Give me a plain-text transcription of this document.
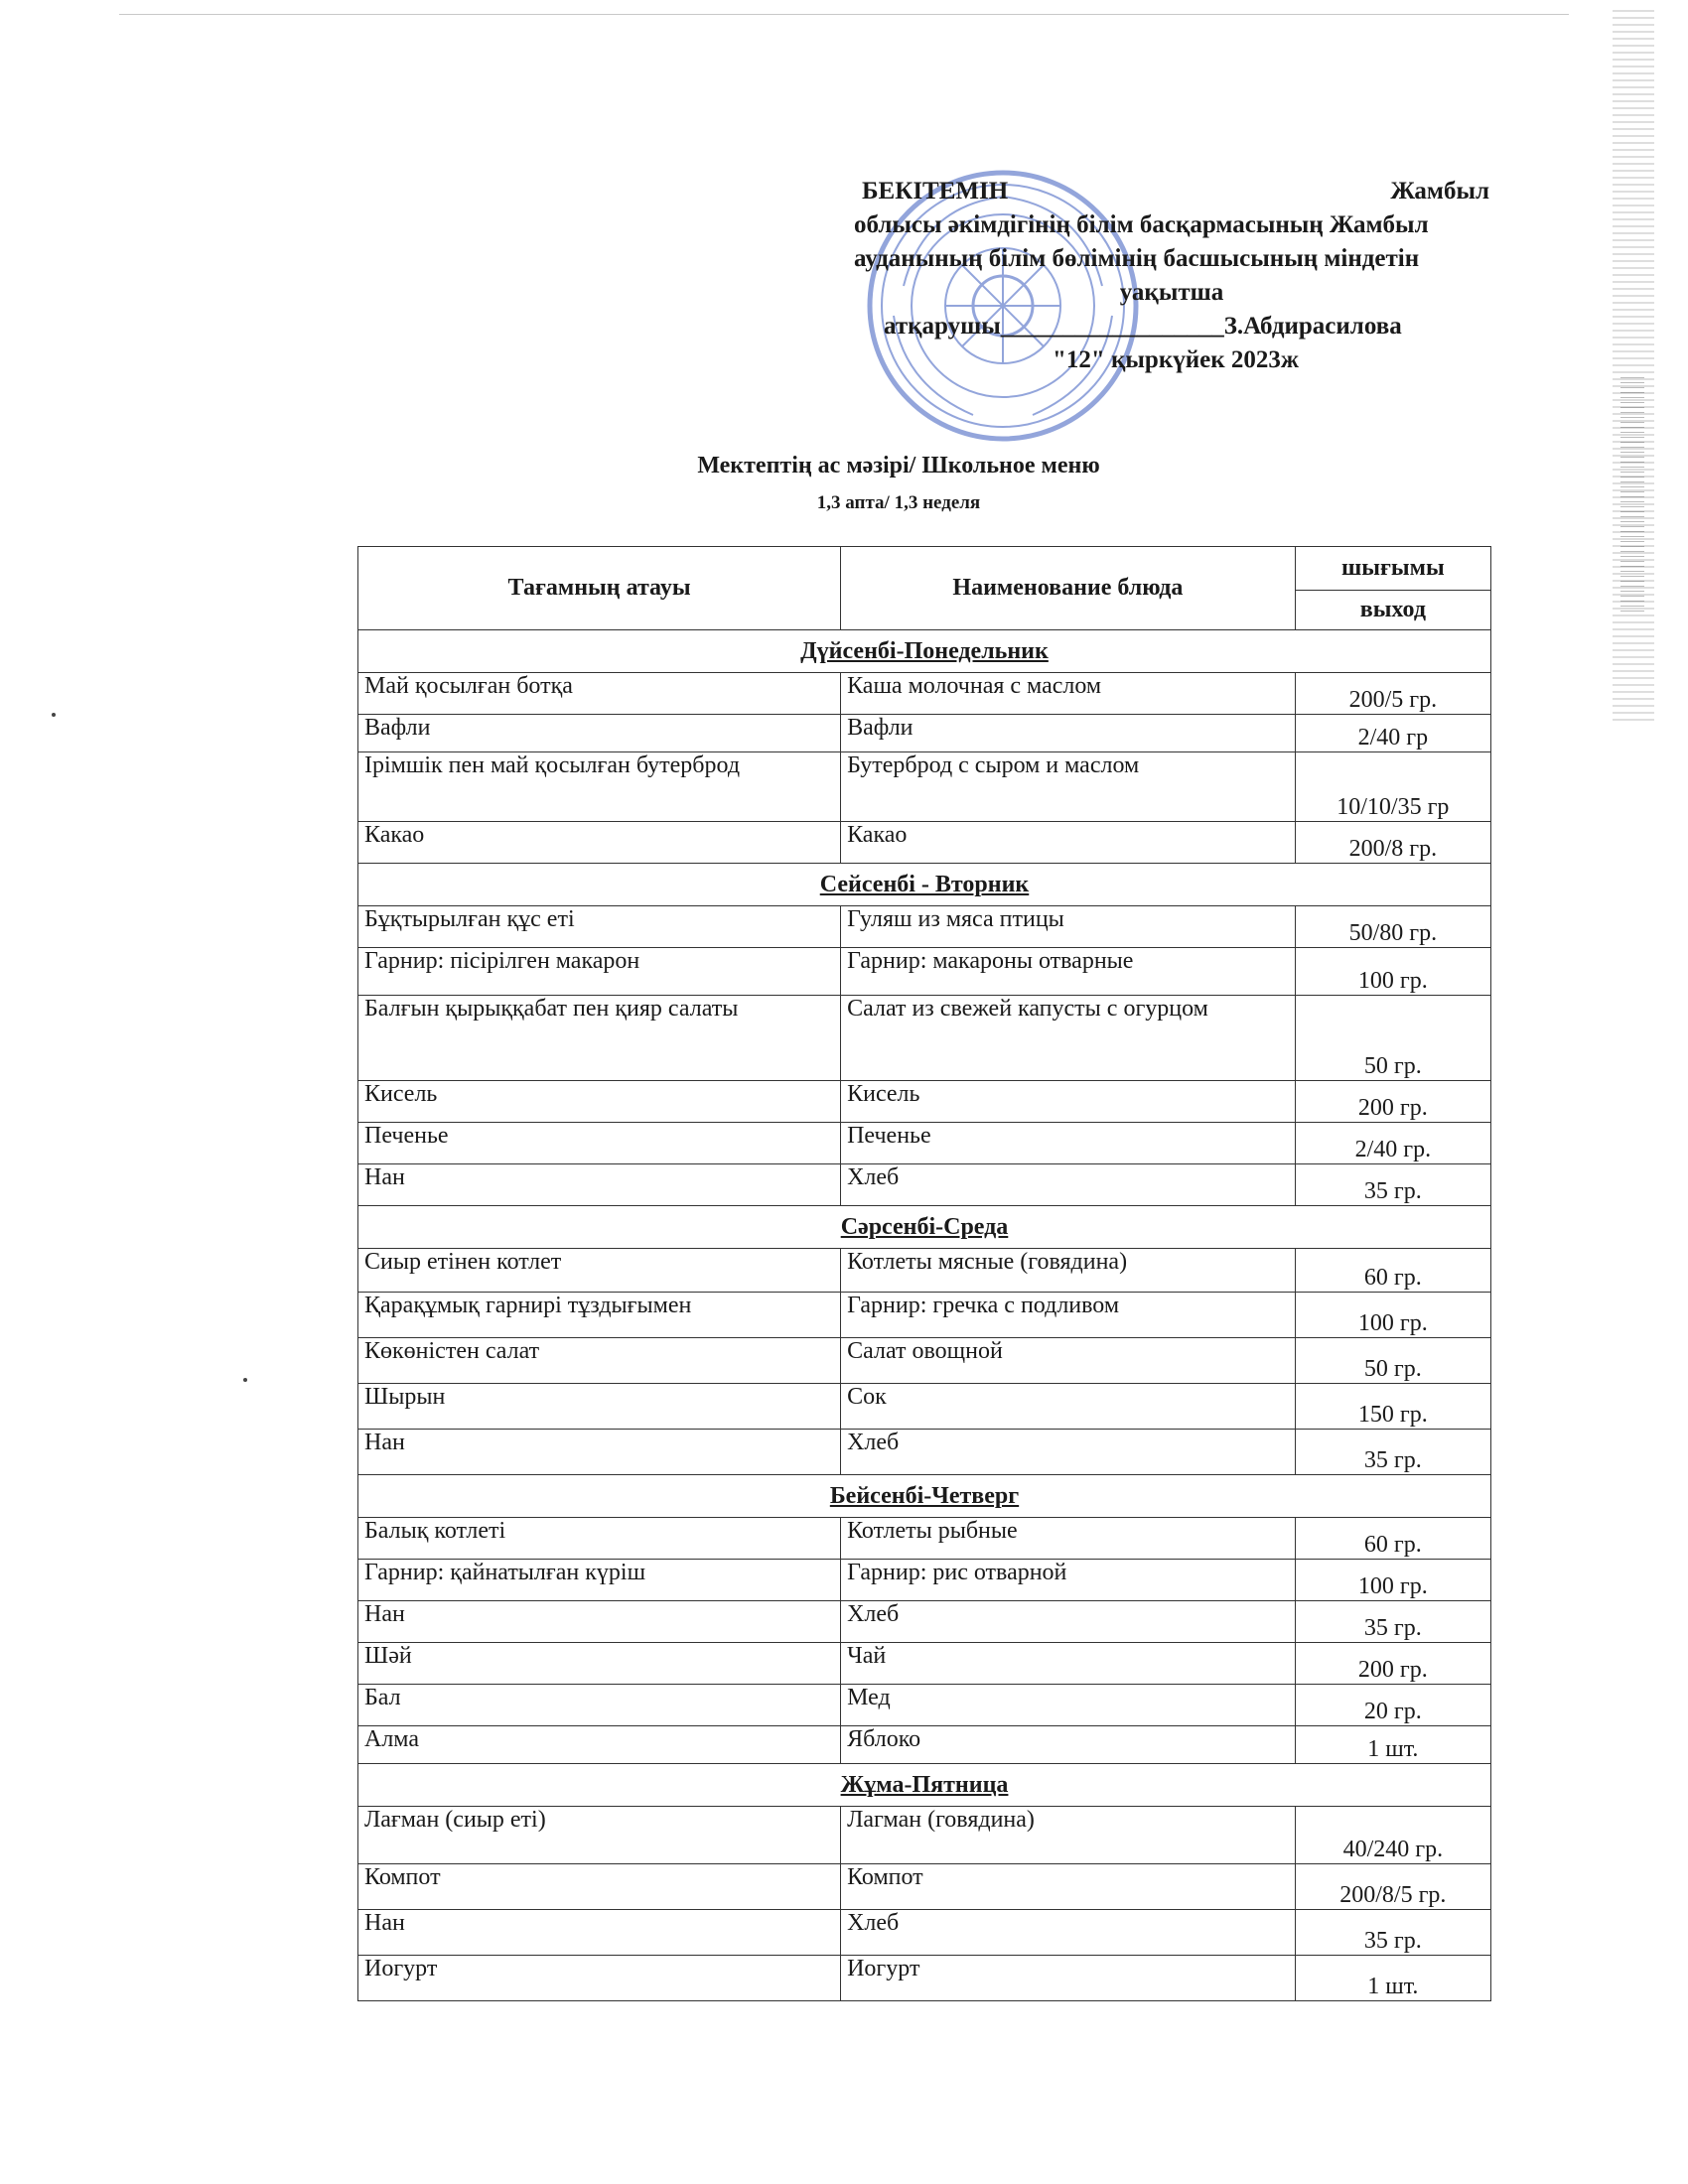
БЕКІТЕМІН	Жамбыл
облысы әкімдігінің білім басқармасының Жамбыл
ауданының білім бөлімінің басшысының міндетін
уақытша
атқарушы__________________З.Абдирасилова
"12" қыркүйек 2023ж
Мектептің ас мәзірі/ Школьное меню
1,3 апта/ 1,3 неделя
Тағамның атауы	Наименование блюда	шығымы
		выход
Дүйсенбі-Понедельник		
Май қосылған ботқа	Каша молочная с маслом	200/5 гр.
Вафли	Вафли	2/40 гр
Ірімшік пен май қосылған бутерброд	Бутерброд с сыром и маслом	10/10/35 гр
Какао	Какао	200/8 гр.
Сейсенбі - Вторник		
Бұқтырылған құс еті	Гуляш из мяса птицы	50/80 гр.
Гарнир: пісірілген макарон	Гарнир: макароны отварные	100 гр.
Балғын қырыққабат пен қияр салаты	Салат из свежей капусты с огурцом	50 гр.
Кисель	Кисель	200 гр.
Печенье	Печенье	2/40 гр.
Нан	Хлеб	35 гр.
Сәрсенбі-Среда		
Сиыр етінен котлет	Котлеты мясные (говядина)	60 гр.
Қарақұмық гарнирі тұздығымен	Гарнир: гречка с подливом	100 гр.
Көкөністен салат	Салат овощной	50 гр.
Шырын	Сок	150 гр.
Нан	Хлеб	35 гр.
Бейсенбі-Четверг		
Балық котлеті	Котлеты рыбные	60 гр.
Гарнир: қайнатылған күріш	Гарнир: рис отварной	100 гр.
Нан	Хлеб	35 гр.
Шәй	Чай	200 гр.
Бал	Мед	20 гр.
Алма	Яблоко	1 шт.
Жұма-Пятница		
Лағман (сиыр еті)	Лагман (говядина)	40/240 гр.
Компот	Компот	200/8/5 гр.
Нан	Хлеб	35 гр.
Иогурт	Иогурт	1 шт.
